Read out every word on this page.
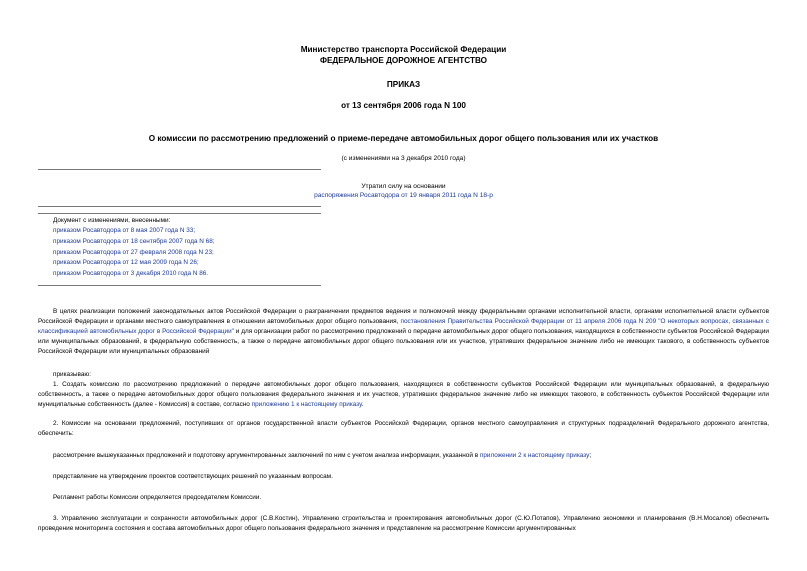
Министерство транспорта Российской Федерации
ФЕДЕРАЛЬНОЕ ДОРОЖНОЕ АГЕНТСТВО
ПРИКАЗ
от 13 сентября 2006 года N 100
О комиссии по рассмотрению предложений о приеме-передаче автомобильных дорог общего пользования или их участков
(с изменениями на 3 декабря 2010 года)
Утратил силу на основании
распоряжения Росавтодора от 19 января 2011 года N 18-р
Документ с изменениями, внесенными:
приказом Росавтодора от 8 мая 2007 года N 33;
приказом Росавтодора от 18 сентября 2007 года N 68;
приказом Росавтодора от 27 февраля 2008 года N 23;
приказом Росавтодора от 12 мая 2009 года N 26;
приказом Росавтодора от 3 декабря 2010 года N 86.
В целях реализации положений законодательных актов Российской Федерации о разграничении предметов ведения и полномочий между федеральными органами исполнительной власти, органами исполнительной власти субъектов Российской Федерации и органами местного самоуправления в отношении автомобильных дорог общего пользования, постановления Правительства Российской Федерации от 11 апреля 2006 года N 209 "О некоторых вопросах, связанных с классификацией автомобильных дорог в Российской Федерации" и для организации работ по рассмотрению предложений о передаче автомобильных дорог общего пользования, находящихся в собственности субъектов Российской Федерации или муниципальных образований, в федеральную собственность, а также о передаче автомобильных дорог общего пользования или их участков, утративших федеральное значение либо не имеющих такового, в собственность субъектов Российской Федерации или муниципальных образований
приказываю:
1. Создать комиссию по рассмотрению предложений о передаче автомобильных дорог общего пользования, находящихся в собственности субъектов Российской Федерации или муниципальных образований, в федеральную собственность, а также о передаче автомобильных дорог общего пользования федерального значения и их участков, утративших федеральное значение либо не имеющих такового, в собственность субъектов Российской Федерации или муниципальные собственность (далее - Комиссия) в составе, согласно приложению 1 к настоящему приказу.
2. Комиссии на основании предложений, поступивших от органов государственной власти субъектов Российской Федерации, органов местного самоуправления и структурных подразделений Федерального дорожного агентства, обеспечить:
рассмотрение вышеуказанных предложений и подготовку аргументированных заключений по ним с учетом анализа информации, указанной в приложении 2 к настоящему приказу;
представление на утверждение проектов соответствующих решений по указанным вопросам.
Регламент работы Комиссии определяется председателем Комиссии.
3. Управлению эксплуатации и сохранности автомобильных дорог (С.В.Костин), Управлению строительства и проектирования автомобильных дорог (С.Ю.Потапов), Управлению экономики и планирования (В.Н.Мосалов) обеспечить проведение мониторинга состояния и состава автомобильных дорог общего пользования федерального значения и представление на рассмотрение Комиссии аргументированных
